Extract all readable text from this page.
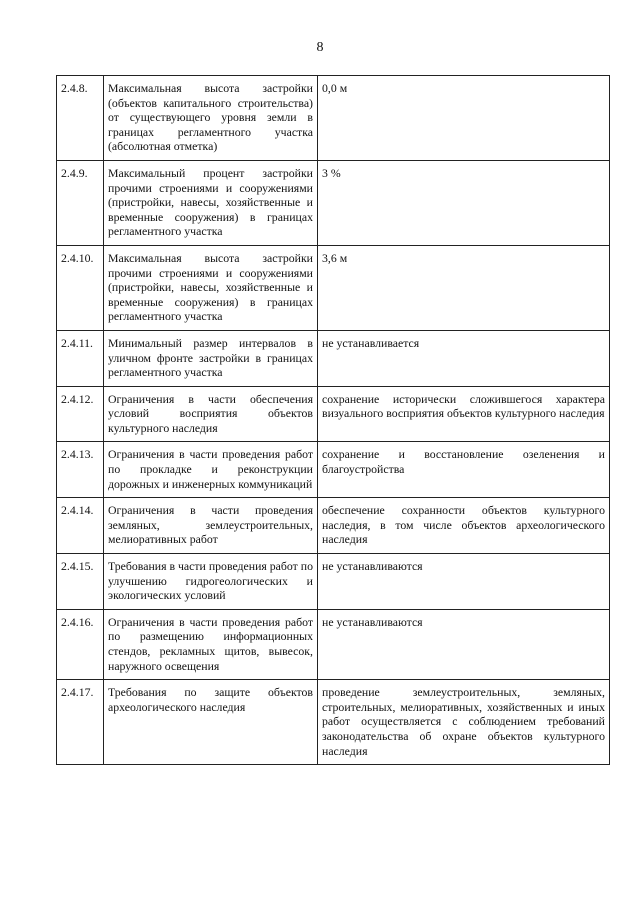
8
2.4.8.	Максимальная высота застройки (объектов капитального строительства) от существующего уровня земли в границах регламентного участка (абсолютная отметка)	0,0 м
2.4.9.	Максимальный процент застройки прочими строениями и сооружениями (пристройки, навесы, хозяйственные и временные сооружения) в границах регламентного участка	3 %
2.4.10.	Максимальная высота застройки прочими строениями и сооружениями (пристройки, навесы, хозяйственные и временные сооружения) в границах регламентного участка	3,6 м
2.4.11.	Минимальный размер интервалов в уличном фронте застройки в границах регламентного участка	не устанавливается
2.4.12.	Ограничения в части обеспечения условий восприятия объектов культурного наследия	сохранение исторически сложившегося характера визуального восприятия объектов культурного наследия
2.4.13.	Ограничения в части проведения работ по прокладке и реконструкции дорожных и инженерных коммуникаций	сохранение и восстановление озеленения и благоустройства
2.4.14.	Ограничения в части проведения земляных, землеустроительных, мелиоративных работ	обеспечение сохранности объектов культурного наследия, в том числе объектов археологического наследия
2.4.15.	Требования в части проведения работ по улучшению гидрогеологических и экологических условий	не устанавливаются
2.4.16.	Ограничения в части проведения работ по размещению информационных стендов, рекламных щитов, вывесок, наружного освещения	не устанавливаются
2.4.17.	Требования по защите объектов археологического наследия	проведение землеустроительных, земляных, строительных, мелиоративных, хозяйственных и иных работ осуществляется с соблюдением требований законодательства об охране объектов культурного наследия
